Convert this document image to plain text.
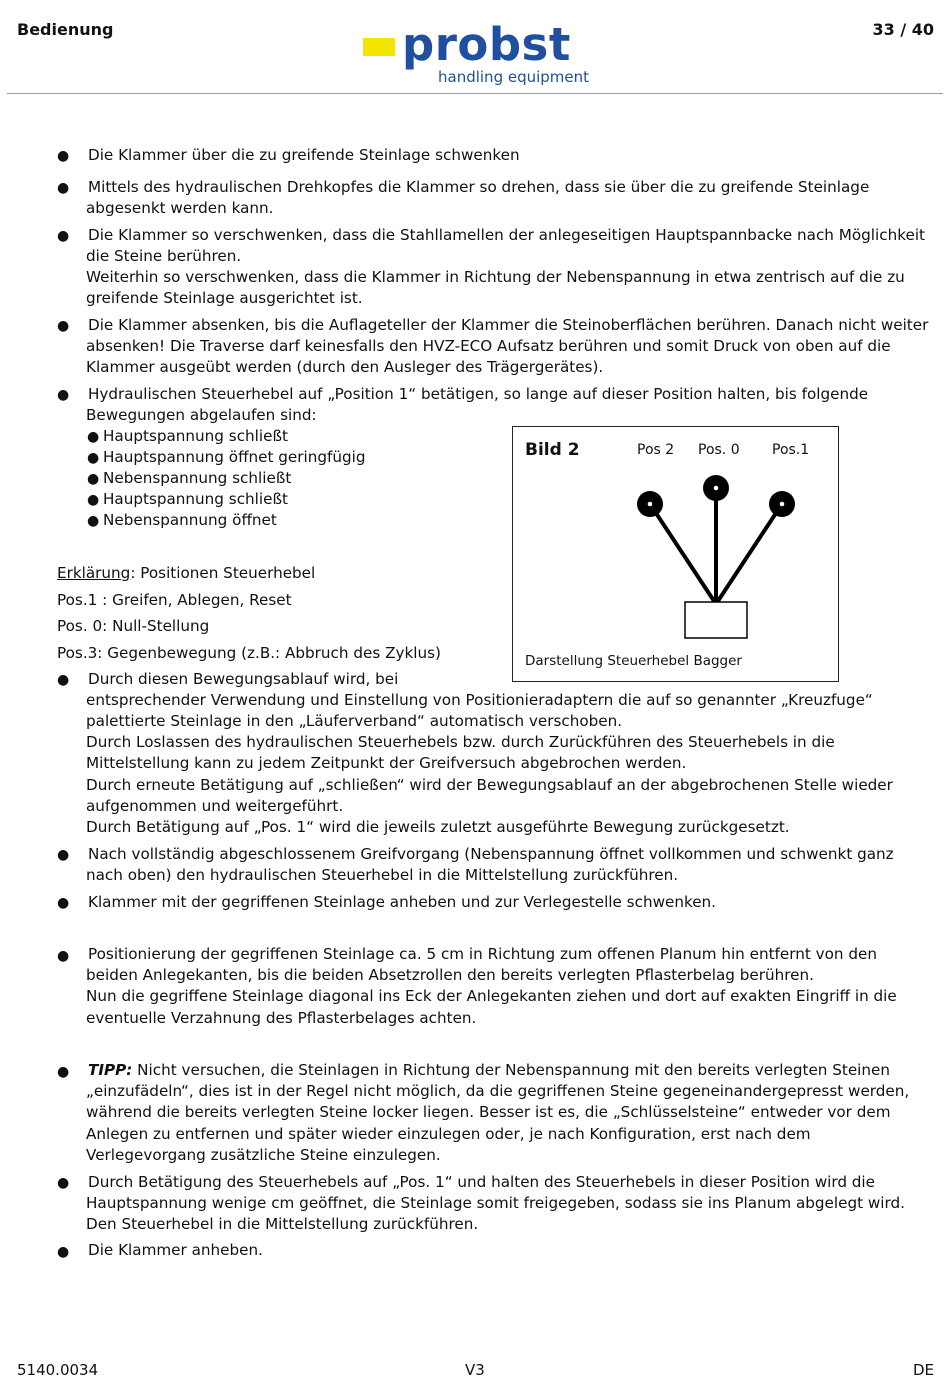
Bedienung	probst
handling equipment
33 / 40
● Die Klammer über die zu greifende Steinlage schwenken
● Mittels des hydraulischen Drehkopfes die Klammer so drehen, dass sie über die zu greifende Steinlage
abgesenkt werden kann.
● Die Klammer so verschwenken, dass die Stahllamellen der anlegeseitigen Hauptspannbacke nach Möglichkeit
die Steine berühren.
Weiterhin so verschwenken, dass die Klammer in Richtung der Nebenspannung in etwa zentrisch auf die zu
greifende Steinlage ausgerichtet ist.
● Die Klammer absenken, bis die Auflageteller der Klammer die Steinoberflächen berühren. Danach nicht weiter
absenken! Die Traverse darf keinesfalls den HVZ-ECO Aufsatz berühren und somit Druck von oben auf die
Klammer ausgeübt werden (durch den Ausleger des Trägergerätes).
● Hydraulischen Steuerhebel auf „Position 1“ betätigen, so lange auf dieser Position halten, bis folgende
Bewegungen abgelaufen sind:
● Hauptspannung schließt
● Hauptspannung öffnet geringfügig
● Nebenspannung schließt
● Hauptspannung schließt
● Nebenspannung öffnet
Erklärung: Positionen Steuerhebel
Pos.1 : Greifen, Ablegen, Reset
Pos. 0: Null-Stellung
Pos.3: Gegenbewegung (z.B.: Abbruch des Zyklus)
● Durch diesen Bewegungsablauf wird, bei
entsprechender Verwendung und Einstellung von Positionieradaptern die auf so genannter „Kreuzfuge“
palettierte Steinlage in den „Läuferverband“ automatisch verschoben.
Durch Loslassen des hydraulischen Steuerhebels bzw. durch Zurückführen des Steuerhebels in die
Mittelstellung kann zu jedem Zeitpunkt der Greifversuch abgebrochen werden.
Durch erneute Betätigung auf „schließen“ wird der Bewegungsablauf an der abgebrochenen Stelle wieder
aufgenommen und weitergeführt.
Durch Betätigung auf „Pos. 1“ wird die jeweils zuletzt ausgeführte Bewegung zurückgesetzt.
● Nach vollständig abgeschlossenem Greifvorgang (Nebenspannung öffnet vollkommen und schwenkt ganz
nach oben) den hydraulischen Steuerhebel in die Mittelstellung zurückführen.
● Klammer mit der gegriffenen Steinlage anheben und zur Verlegestelle schwenken.
● Positionierung der gegriffenen Steinlage ca. 5 cm in Richtung zum offenen Planum hin entfernt von den
beiden Anlegekanten, bis die beiden Absetzrollen den bereits verlegten Pflasterbelag berühren.
Nun die gegriffene Steinlage diagonal ins Eck der Anlegekanten ziehen und dort auf exakten Eingriff in die
eventuelle Verzahnung des Pflasterbelages achten.
● TIPP: Nicht versuchen, die Steinlagen in Richtung der Nebenspannung mit den bereits verlegten Steinen
„einzufädeln“, dies ist in der Regel nicht möglich, da die gegriffenen Steine gegeneinandergepresst werden,
während die bereits verlegten Steine locker liegen. Besser ist es, die „Schlüsselsteine“ entweder vor dem
Anlegen zu entfernen und später wieder einzulegen oder, je nach Konfiguration, erst nach dem
Verlegevorgang zusätzliche Steine einzulegen.
● Durch Betätigung des Steuerhebels auf „Pos. 1“ und halten des Steuerhebels in dieser Position wird die
Hauptspannung wenige cm geöffnet, die Steinlage somit freigegeben, sodass sie ins Planum abgelegt wird.
Den Steuerhebel in die Mittelstellung zurückführen.
● Die Klammer anheben.
Bild 2	Pos 2 Pos. 0 Pos.1
Darstellung Steuerhebel Bagger
5140.0034	V3	DE
